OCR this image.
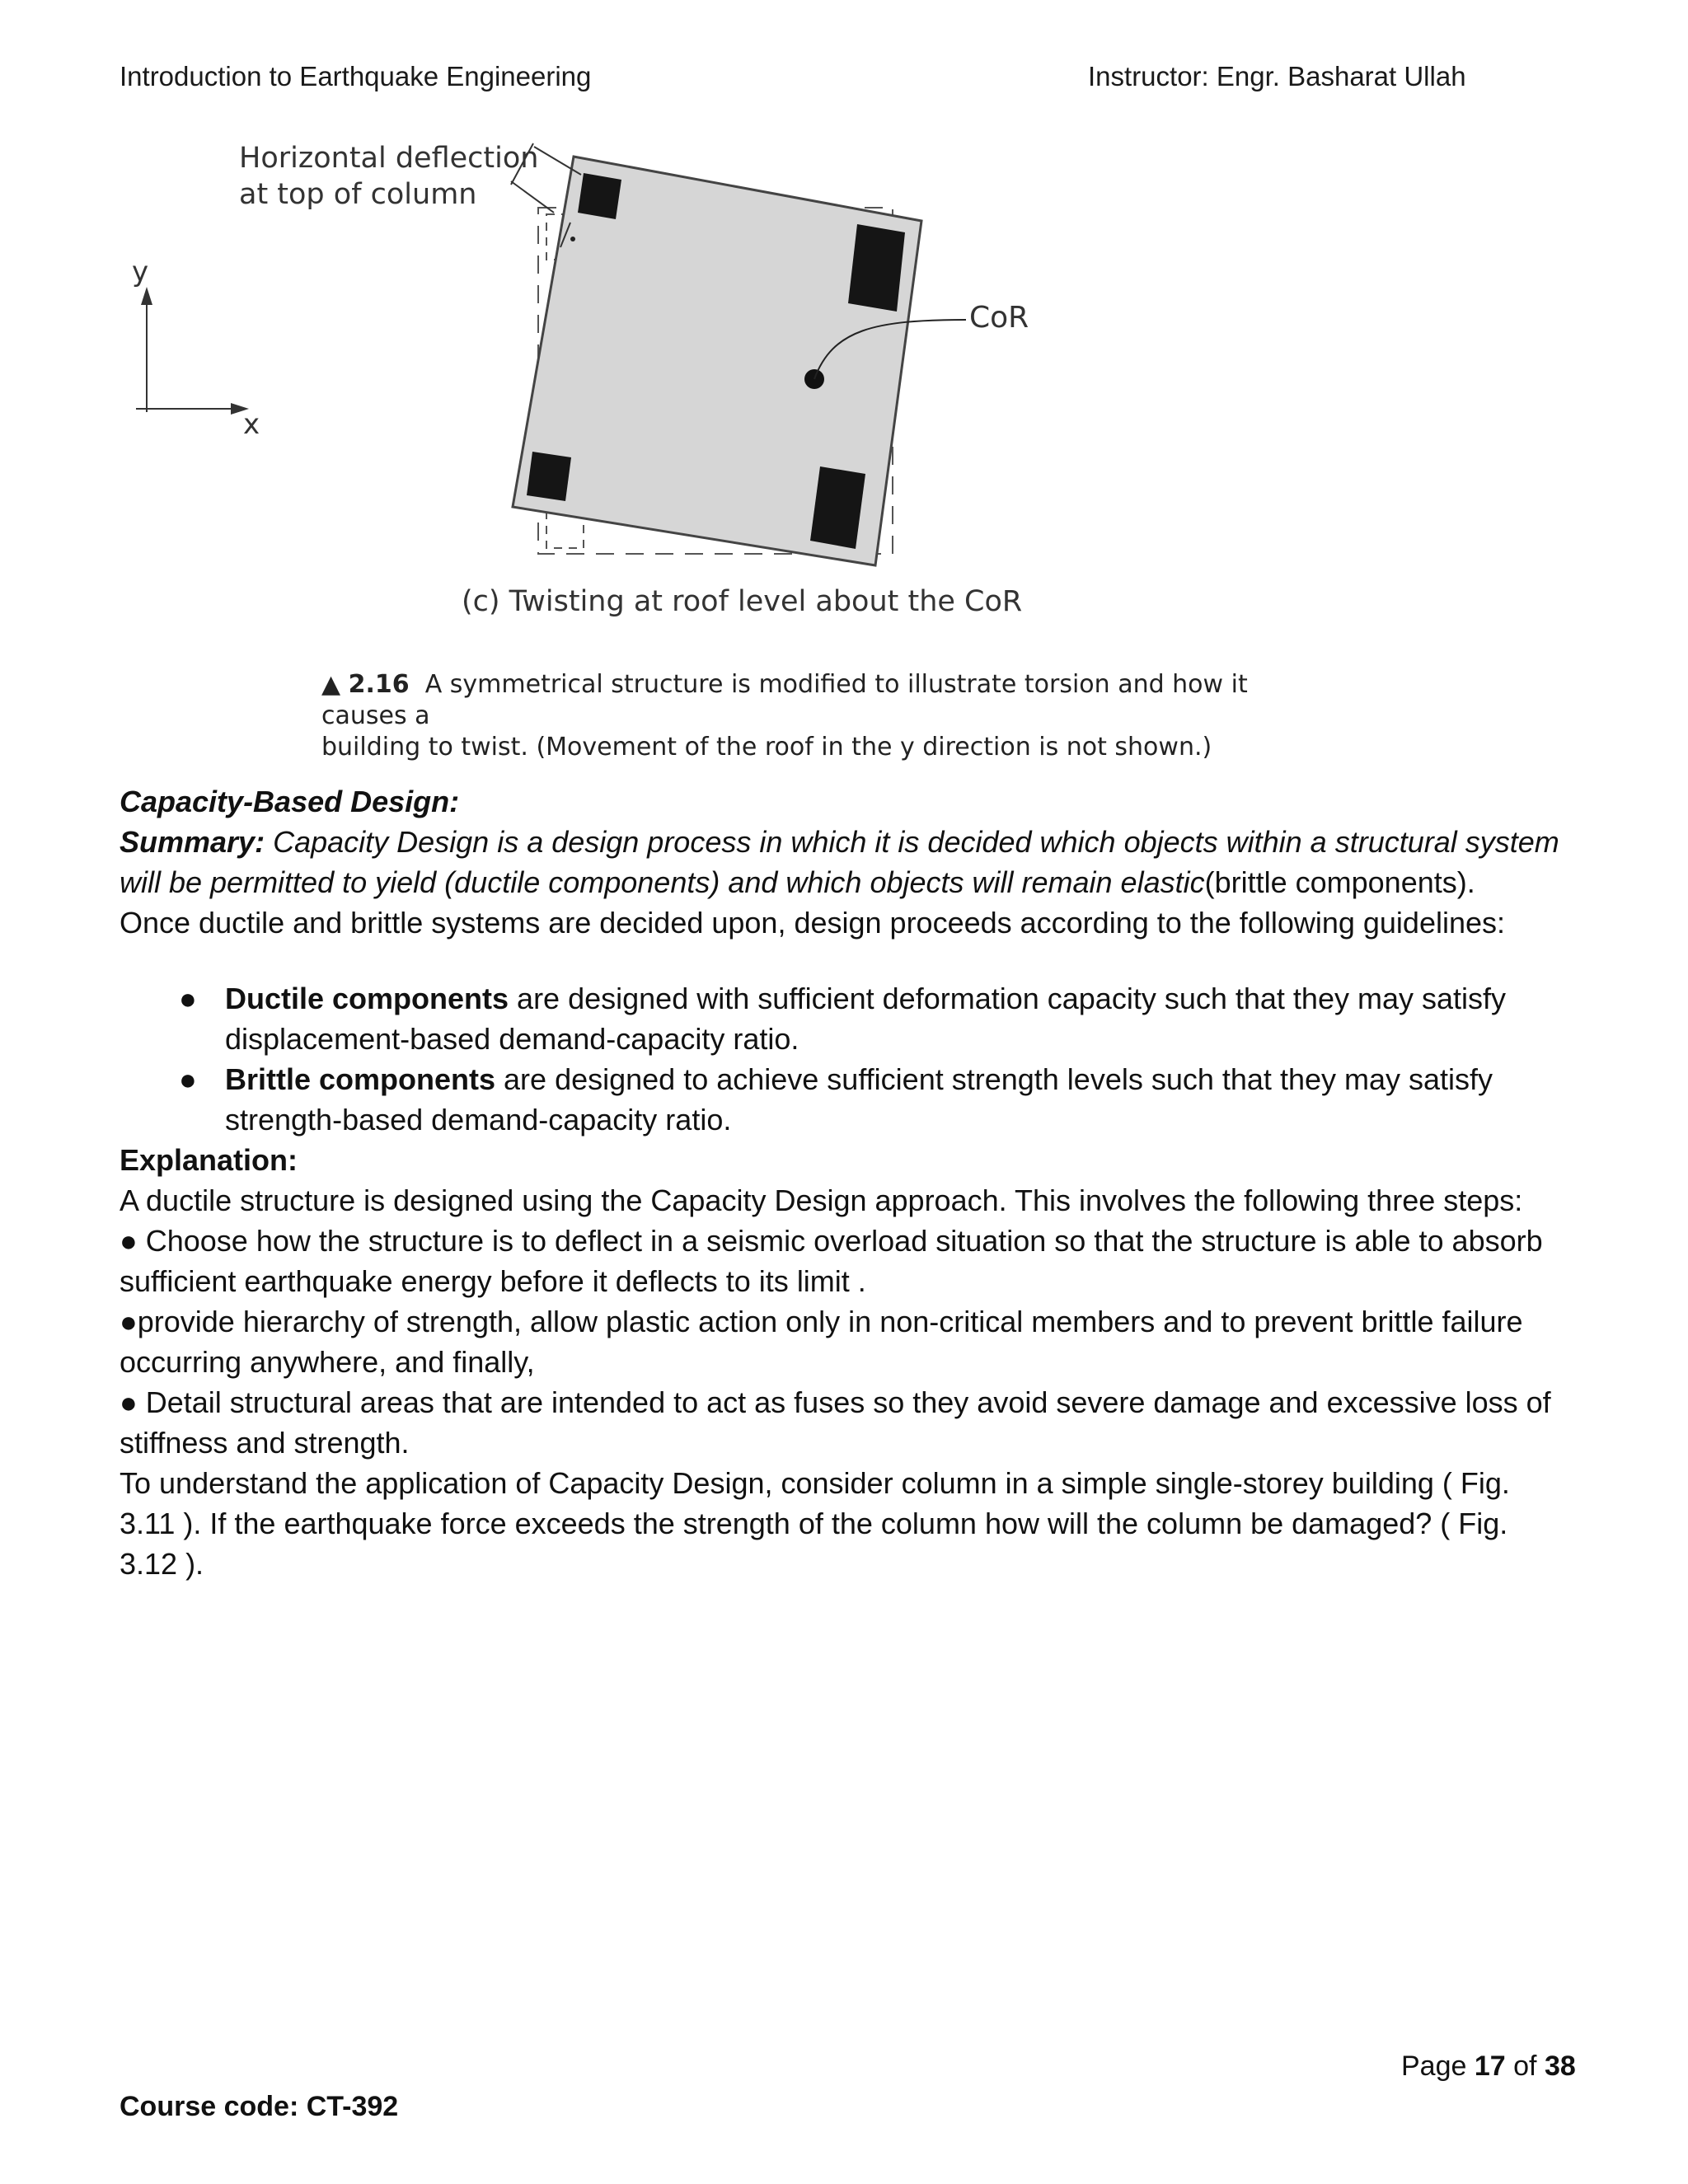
Introduction to Earthquake Engineering	Instructor: Engr. Basharat Ullah
Horizontal deflection
at top of column
y
x
CoR
(c) Twisting at roof level about the CoR
▲ 2.16 A symmetrical structure is modified to illustrate torsion and how it causes a
building to twist. (Movement of the roof in the y direction is not shown.)
Capacity-Based Design:
Summary: Capacity Design is a design process in which it is decided which objects within a structural system will be permitted to yield (ductile components) and which objects will remain elastic(brittle components).
Once ductile and brittle systems are decided upon, design proceeds according to the following guidelines:
● Ductile components are designed with sufficient deformation capacity such that they may satisfy displacement-based demand-capacity ratio.
● Brittle components are designed to achieve sufficient strength levels such that they may satisfy strength-based demand-capacity ratio.
Explanation:
A ductile structure is designed using the Capacity Design approach. This involves the following three steps:
● Choose how the structure is to deflect in a seismic overload situation so that the structure is able to absorb sufficient earthquake energy before it deflects to its limit .
●provide hierarchy of strength, allow plastic action only in non-critical members and to prevent brittle failure occurring anywhere, and finally,
● Detail structural areas that are intended to act as fuses so they avoid severe damage and excessive loss of stiffness and strength.
To understand the application of Capacity Design, consider column in a simple single-storey building ( Fig. 3.11 ). If the earthquake force exceeds the strength of the column how will the column be damaged? ( Fig. 3.12 ).
Page 17 of 38
Course code: CT-392
